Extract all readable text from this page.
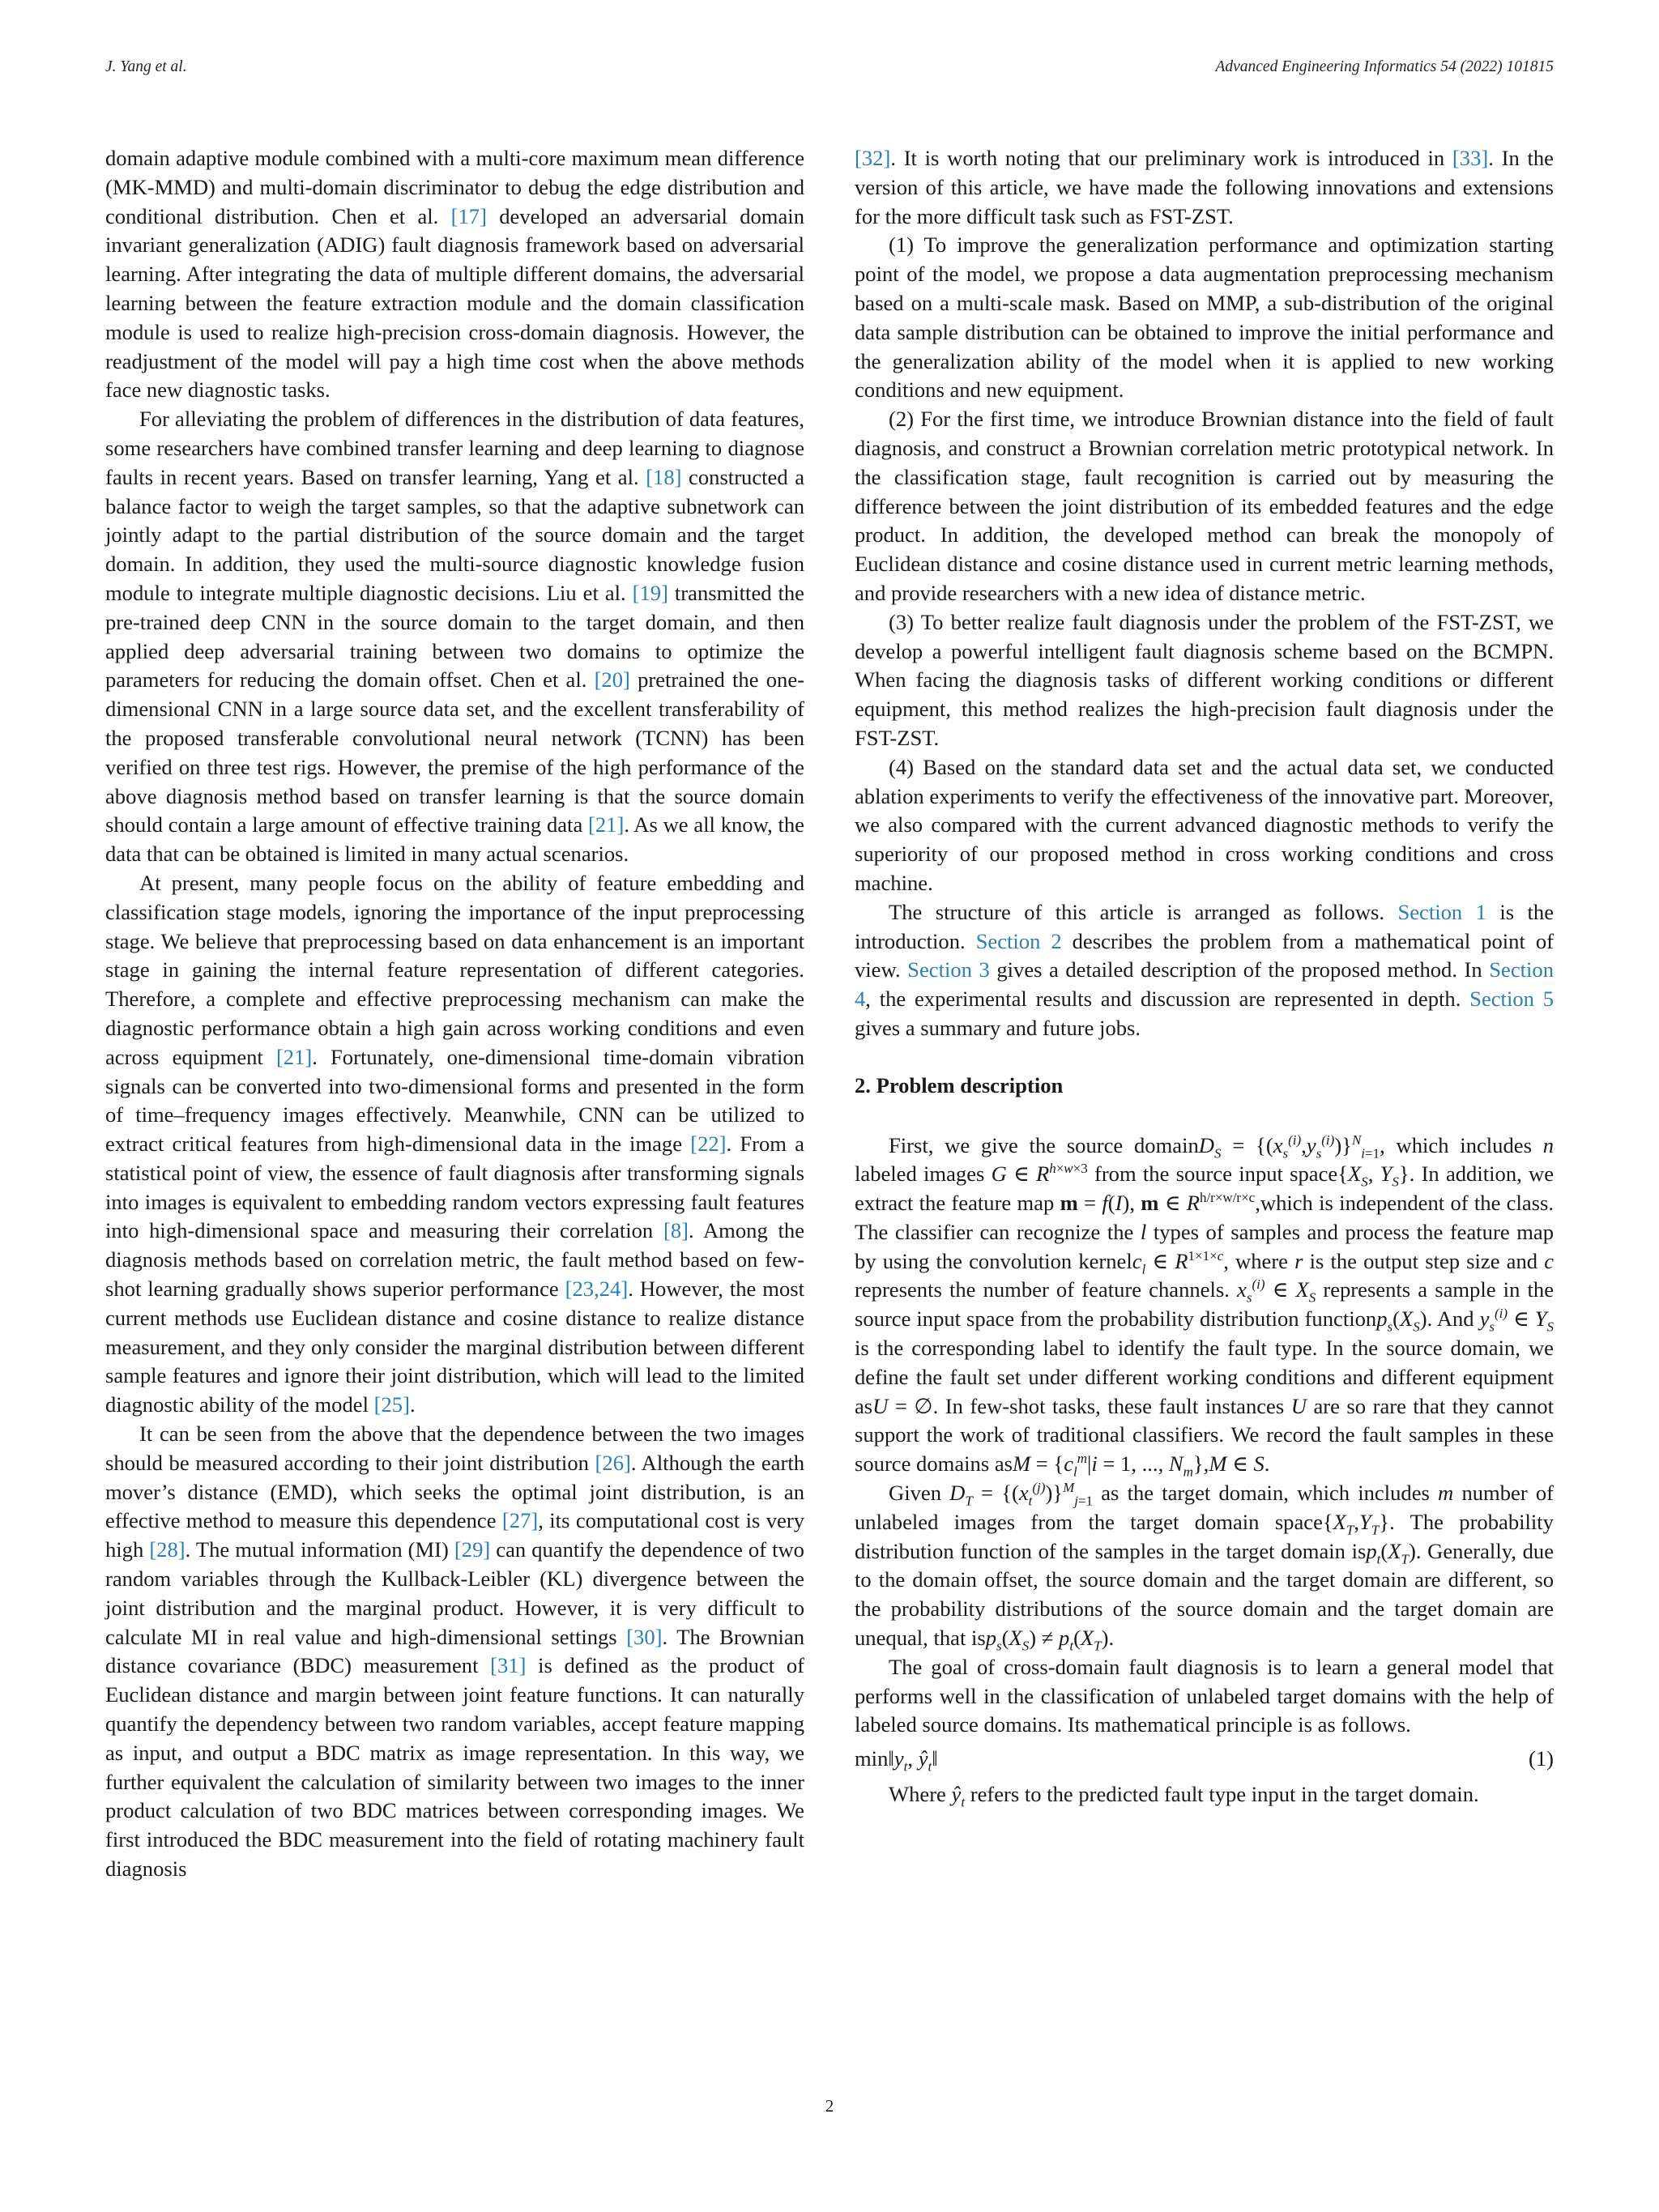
J. Yang et al.	Advanced Engineering Informatics 54 (2022) 101815

domain adaptive module combined with a multi-core maximum mean difference (MK-MMD) and multi-domain discriminator to debug the edge distribution and conditional distribution. Chen et al. [17] developed an adversarial domain invariant generalization (ADIG) fault diagnosis framework based on adversarial learning. After integrating the data of multiple different domains, the adversarial learning between the feature extraction module and the domain classification module is used to realize high-precision cross-domain diagnosis. However, the readjustment of the model will pay a high time cost when the above methods face new diagnostic tasks.

For alleviating the problem of differences in the distribution of data features, some researchers have combined transfer learning and deep learning to diagnose faults in recent years. Based on transfer learning, Yang et al. [18] constructed a balance factor to weigh the target samples, so that the adaptive subnetwork can jointly adapt to the partial distribution of the source domain and the target domain. In addition, they used the multi-source diagnostic knowledge fusion module to integrate multiple diagnostic decisions. Liu et al. [19] transmitted the pre-trained deep CNN in the source domain to the target domain, and then applied deep adversarial training between two domains to optimize the parameters for reducing the domain offset. Chen et al. [20] pretrained the one-dimensional CNN in a large source data set, and the excellent transferability of the proposed transferable convolutional neural network (TCNN) has been verified on three test rigs. However, the premise of the high performance of the above diagnosis method based on transfer learning is that the source domain should contain a large amount of effective training data [21]. As we all know, the data that can be obtained is limited in many actual scenarios.

At present, many people focus on the ability of feature embedding and classification stage models, ignoring the importance of the input preprocessing stage. We believe that preprocessing based on data enhancement is an important stage in gaining the internal feature representation of different categories. Therefore, a complete and effective preprocessing mechanism can make the diagnostic performance obtain a high gain across working conditions and even across equipment [21]. Fortunately, one-dimensional time-domain vibration signals can be converted into two-dimensional forms and presented in the form of time–frequency images effectively. Meanwhile, CNN can be utilized to extract critical features from high-dimensional data in the image [22]. From a statistical point of view, the essence of fault diagnosis after transforming signals into images is equivalent to embedding random vectors expressing fault features into high-dimensional space and measuring their correlation [8]. Among the diagnosis methods based on correlation metric, the fault method based on few-shot learning gradually shows superior performance [23,24]. However, the most current methods use Euclidean distance and cosine distance to realize distance measurement, and they only consider the marginal distribution between different sample features and ignore their joint distribution, which will lead to the limited diagnostic ability of the model [25].

It can be seen from the above that the dependence between the two images should be measured according to their joint distribution [26]. Although the earth mover’s distance (EMD), which seeks the optimal joint distribution, is an effective method to measure this dependence [27], its computational cost is very high [28]. The mutual information (MI) [29] can quantify the dependence of two random variables through the Kullback-Leibler (KL) divergence between the joint distribution and the marginal product. However, it is very difficult to calculate MI in real value and high-dimensional settings [30]. The Brownian distance covariance (BDC) measurement [31] is defined as the product of Euclidean distance and margin between joint feature functions. It can naturally quantify the dependency between two random variables, accept feature mapping as input, and output a BDC matrix as image representation. In this way, we further equivalent the calculation of similarity between two images to the inner product calculation of two BDC matrices between corresponding images. We first introduced the BDC measurement into the field of rotating machinery fault diagnosis

[32]. It is worth noting that our preliminary work is introduced in [33]. In the version of this article, we have made the following innovations and extensions for the more difficult task such as FST-ZST.

(1) To improve the generalization performance and optimization starting point of the model, we propose a data augmentation preprocessing mechanism based on a multi-scale mask. Based on MMP, a sub-distribution of the original data sample distribution can be obtained to improve the initial performance and the generalization ability of the model when it is applied to new working conditions and new equipment.

(2) For the first time, we introduce Brownian distance into the field of fault diagnosis, and construct a Brownian correlation metric prototypical network. In the classification stage, fault recognition is carried out by measuring the difference between the joint distribution of its embedded features and the edge product. In addition, the developed method can break the monopoly of Euclidean distance and cosine distance used in current metric learning methods, and provide researchers with a new idea of distance metric.

(3) To better realize fault diagnosis under the problem of the FST-ZST, we develop a powerful intelligent fault diagnosis scheme based on the BCMPN. When facing the diagnosis tasks of different working conditions or different equipment, this method realizes the high-precision fault diagnosis under the FST-ZST.

(4) Based on the standard data set and the actual data set, we conducted ablation experiments to verify the effectiveness of the innovative part. Moreover, we also compared with the current advanced diagnostic methods to verify the superiority of our proposed method in cross working conditions and cross machine.

The structure of this article is arranged as follows. Section 1 is the introduction. Section 2 describes the problem from a mathematical point of view. Section 3 gives a detailed description of the proposed method. In Section 4, the experimental results and discussion are represented in depth. Section 5 gives a summary and future jobs.

2. Problem description

First, we give the source domainD$_S$ = $\{(x_s^{(i)},y_s^{(i)})\}^N_{i=1}$, which includes n labeled images G ∈ $R^{h\times w\times 3}$ from the source input $space\{X_S$, $Y_S$}. In addition, we extract the feature map m = f(I), m ∈ $R^{h/r\times w/r\times c},which$ is independent of the class. The classifier can recognize the l types of samples and process the feature map by using the convolution kernelc$_l$ ∈ $R^{1\times 1\times c}$, where r is the output step size and c represents the number of feature channels. $x_s^{(i)}$ ∈ $X_S$ represents a sample in the source input space from the probability distribution $functionp_s(X_S)$. And $y_s^{(i)}$ ∈ $Y_S$ is the corresponding label to identify the fault type. In the source domain, we define the fault set under different working conditions and different equipment asU = ∅. In few-shot tasks, these fault instances U are so rare that they cannot support the work of traditional classifiers. We record the fault samples in these source domains asM = {$c_l^m|i = 1$, ..., $N_m\},M$ ∈ S.

Given $D_T = \{(x_t^{(j)})\}^M_{j=1}$ as the target domain, which includes m number of unlabeled images from the target domain $space\{X_T,Y_T\}$. The probability distribution function of the samples in the target domain $isp_t(X_T)$. Generally, due to the domain offset, the source domain and the target domain are different, so the probability distributions of the source domain and the target domain are unequal, that $isp_s(X_S) \ne p_t(X_T)$.

The goal of cross-domain fault diagnosis is to learn a general model that performs well in the classification of unlabeled target domains with the help of labeled source domains. Its mathematical principle is as follows.

$\min‖y_t$, $ŷ_t‖$	(1)

Where $ŷ_t$ refers to the predicted fault type input in the target domain.

2
